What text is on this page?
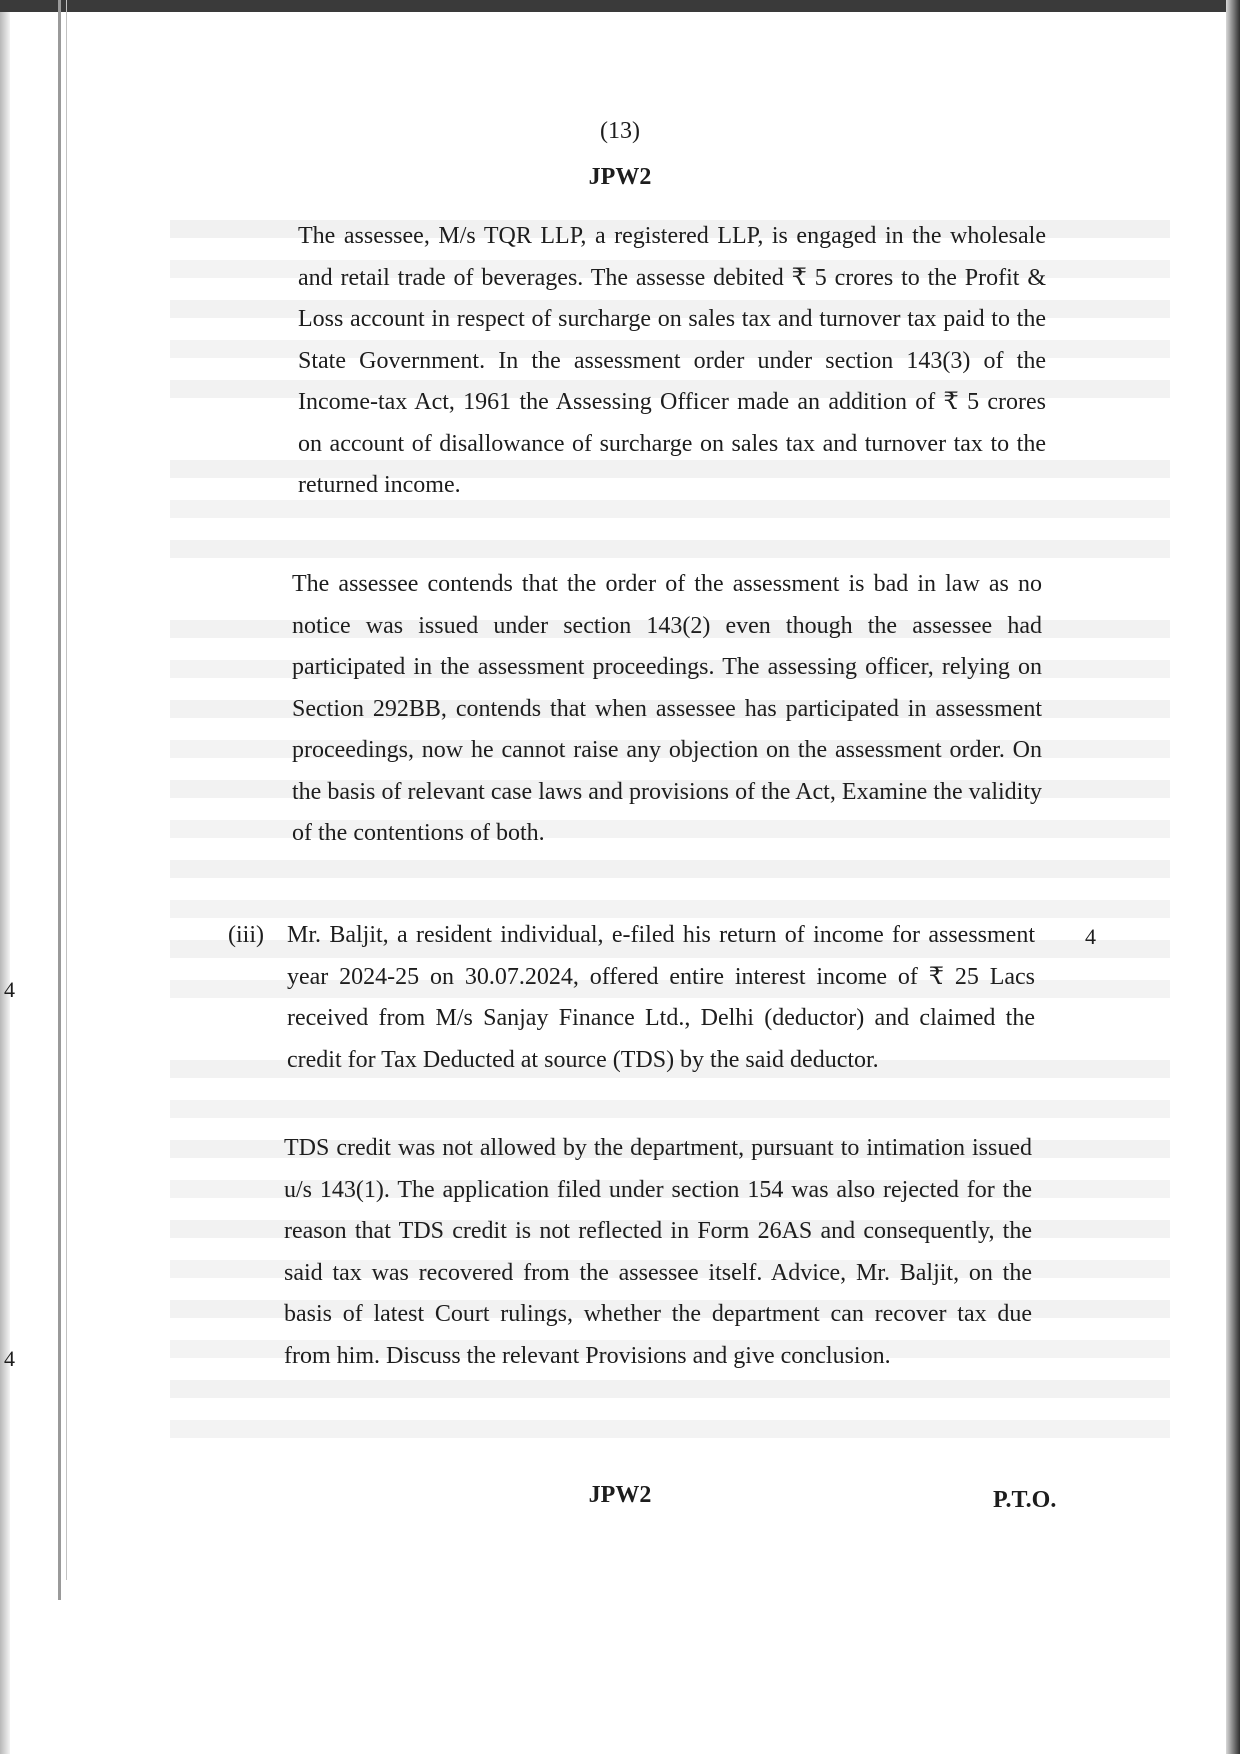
(13)
JPW2
The assessee, M/s TQR LLP, a registered LLP, is engaged in the wholesale and retail trade of beverages. The assesse debited ₹ 5 crores to the Profit & Loss account in respect of surcharge on sales tax and turnover tax paid to the State Government. In the assessment order under section 143(3) of the Income-tax Act, 1961 the Assessing Officer made an addition of ₹ 5 crores on account of disallowance of surcharge on sales tax and turnover tax to the returned income.
The assessee contends that the order of the assessment is bad in law as no notice was issued under section 143(2) even though the assessee had participated in the assessment proceedings. The assessing officer, relying on Section 292BB, contends that when assessee has participated in assessment proceedings, now he cannot raise any objection on the assessment order. On the basis of relevant case laws and provisions of the Act, Examine the validity of the contentions of both.
(iii) Mr. Baljit, a resident individual, e-filed his return of income for assessment year 2024-25 on 30.07.2024, offered entire interest income of ₹ 25 Lacs received from M/s Sanjay Finance Ltd., Delhi (deductor) and claimed the credit for Tax Deducted at source (TDS) by the said deductor.
TDS credit was not allowed by the department, pursuant to intimation issued u/s 143(1). The application filed under section 154 was also rejected for the reason that TDS credit is not reflected in Form 26AS and consequently, the said tax was recovered from the assessee itself. Advice, Mr. Baljit, on the basis of latest Court rulings, whether the department can recover tax due from him. Discuss the relevant Provisions and give conclusion.
4
4
4
JPW2	P.T.O.
